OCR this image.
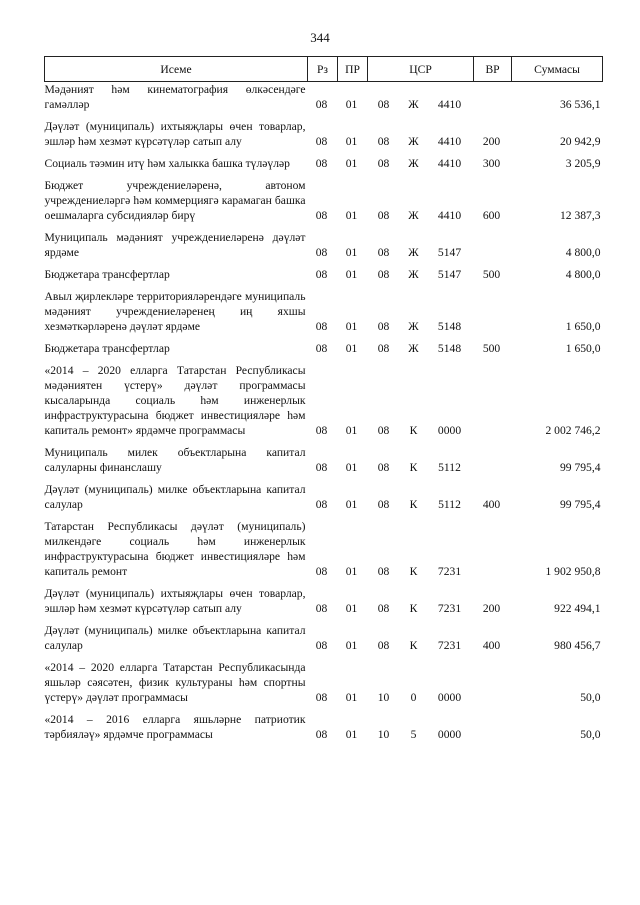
344
Исеме	Рз	ПР	ЦСР			ВР	Суммасы
Мәдәният һәм кинематография өлкәсендәге гамәлләр	08	01	08	Ж	4410		36 536,1

Дәүләт (муниципаль) ихтыяҗлары өчен товарлар, эшләр һәм хезмәт күрсәтүләр сатып алу	08	01	08	Ж	4410	200	20 942,9

Социаль тәэмин итү һәм халыкка башка түләүләр	08	01	08	Ж	4410	300	3 205,9

Бюджет учреждениеләренә, автоном учреждениеләргә һәм коммерциягә карамаган башка оешмаларга субсидияләр бирү	08	01	08	Ж	4410	600	12 387,3

Муниципаль мәдәният учреждениеләренә дәүләт ярдәме	08	01	08	Ж	5147		4 800,0

Бюджетара трансфертлар	08	01	08	Ж	5147	500	4 800,0

Авыл җирлекләре территорияләрендәге муниципаль мәдәният учреждениеләренең иң яхшы хезмәткәрләренә дәүләт ярдәме	08	01	08	Ж	5148		1 650,0

Бюджетара трансфертлар	08	01	08	Ж	5148	500	1 650,0

«2014 – 2020 елларга Татарстан Республикасы мәдәниятен үстерү» дәүләт программасы кысаларында социаль һәм инженерлык инфраструктурасына бюджет инвестицияләре һәм капиталь ремонт» ярдәмче программасы	08	01	08	К	0000		2 002 746,2

Муниципаль милек объектларына капитал салуларны финанслашу	08	01	08	К	5112		99 795,4

Дәүләт (муниципаль) милке объектларына капитал салулар	08	01	08	К	5112	400	99 795,4

Татарстан Республикасы дәүләт (муниципаль) милкендәге социаль һәм инженерлык инфраструктурасына бюджет инвестицияләре һәм капиталь ремонт	08	01	08	К	7231		1 902 950,8

Дәүләт (муниципаль) ихтыяҗлары өчен товарлар, эшләр һәм хезмәт күрсәтүләр сатып алу	08	01	08	К	7231	200	922 494,1

Дәүләт (муниципаль) милке объектларына капитал салулар	08	01	08	К	7231	400	980 456,7

«2014 – 2020 елларга Татарстан Республикасында яшьләр сәясәтен, физик культураны һәм спортны үстерү» дәүләт программасы	08	01	10	0	0000		50,0

«2014 – 2016 елларга яшьләрне патриотик тәрбияләү» ярдәмче программасы	08	01	10	5	0000		50,0
